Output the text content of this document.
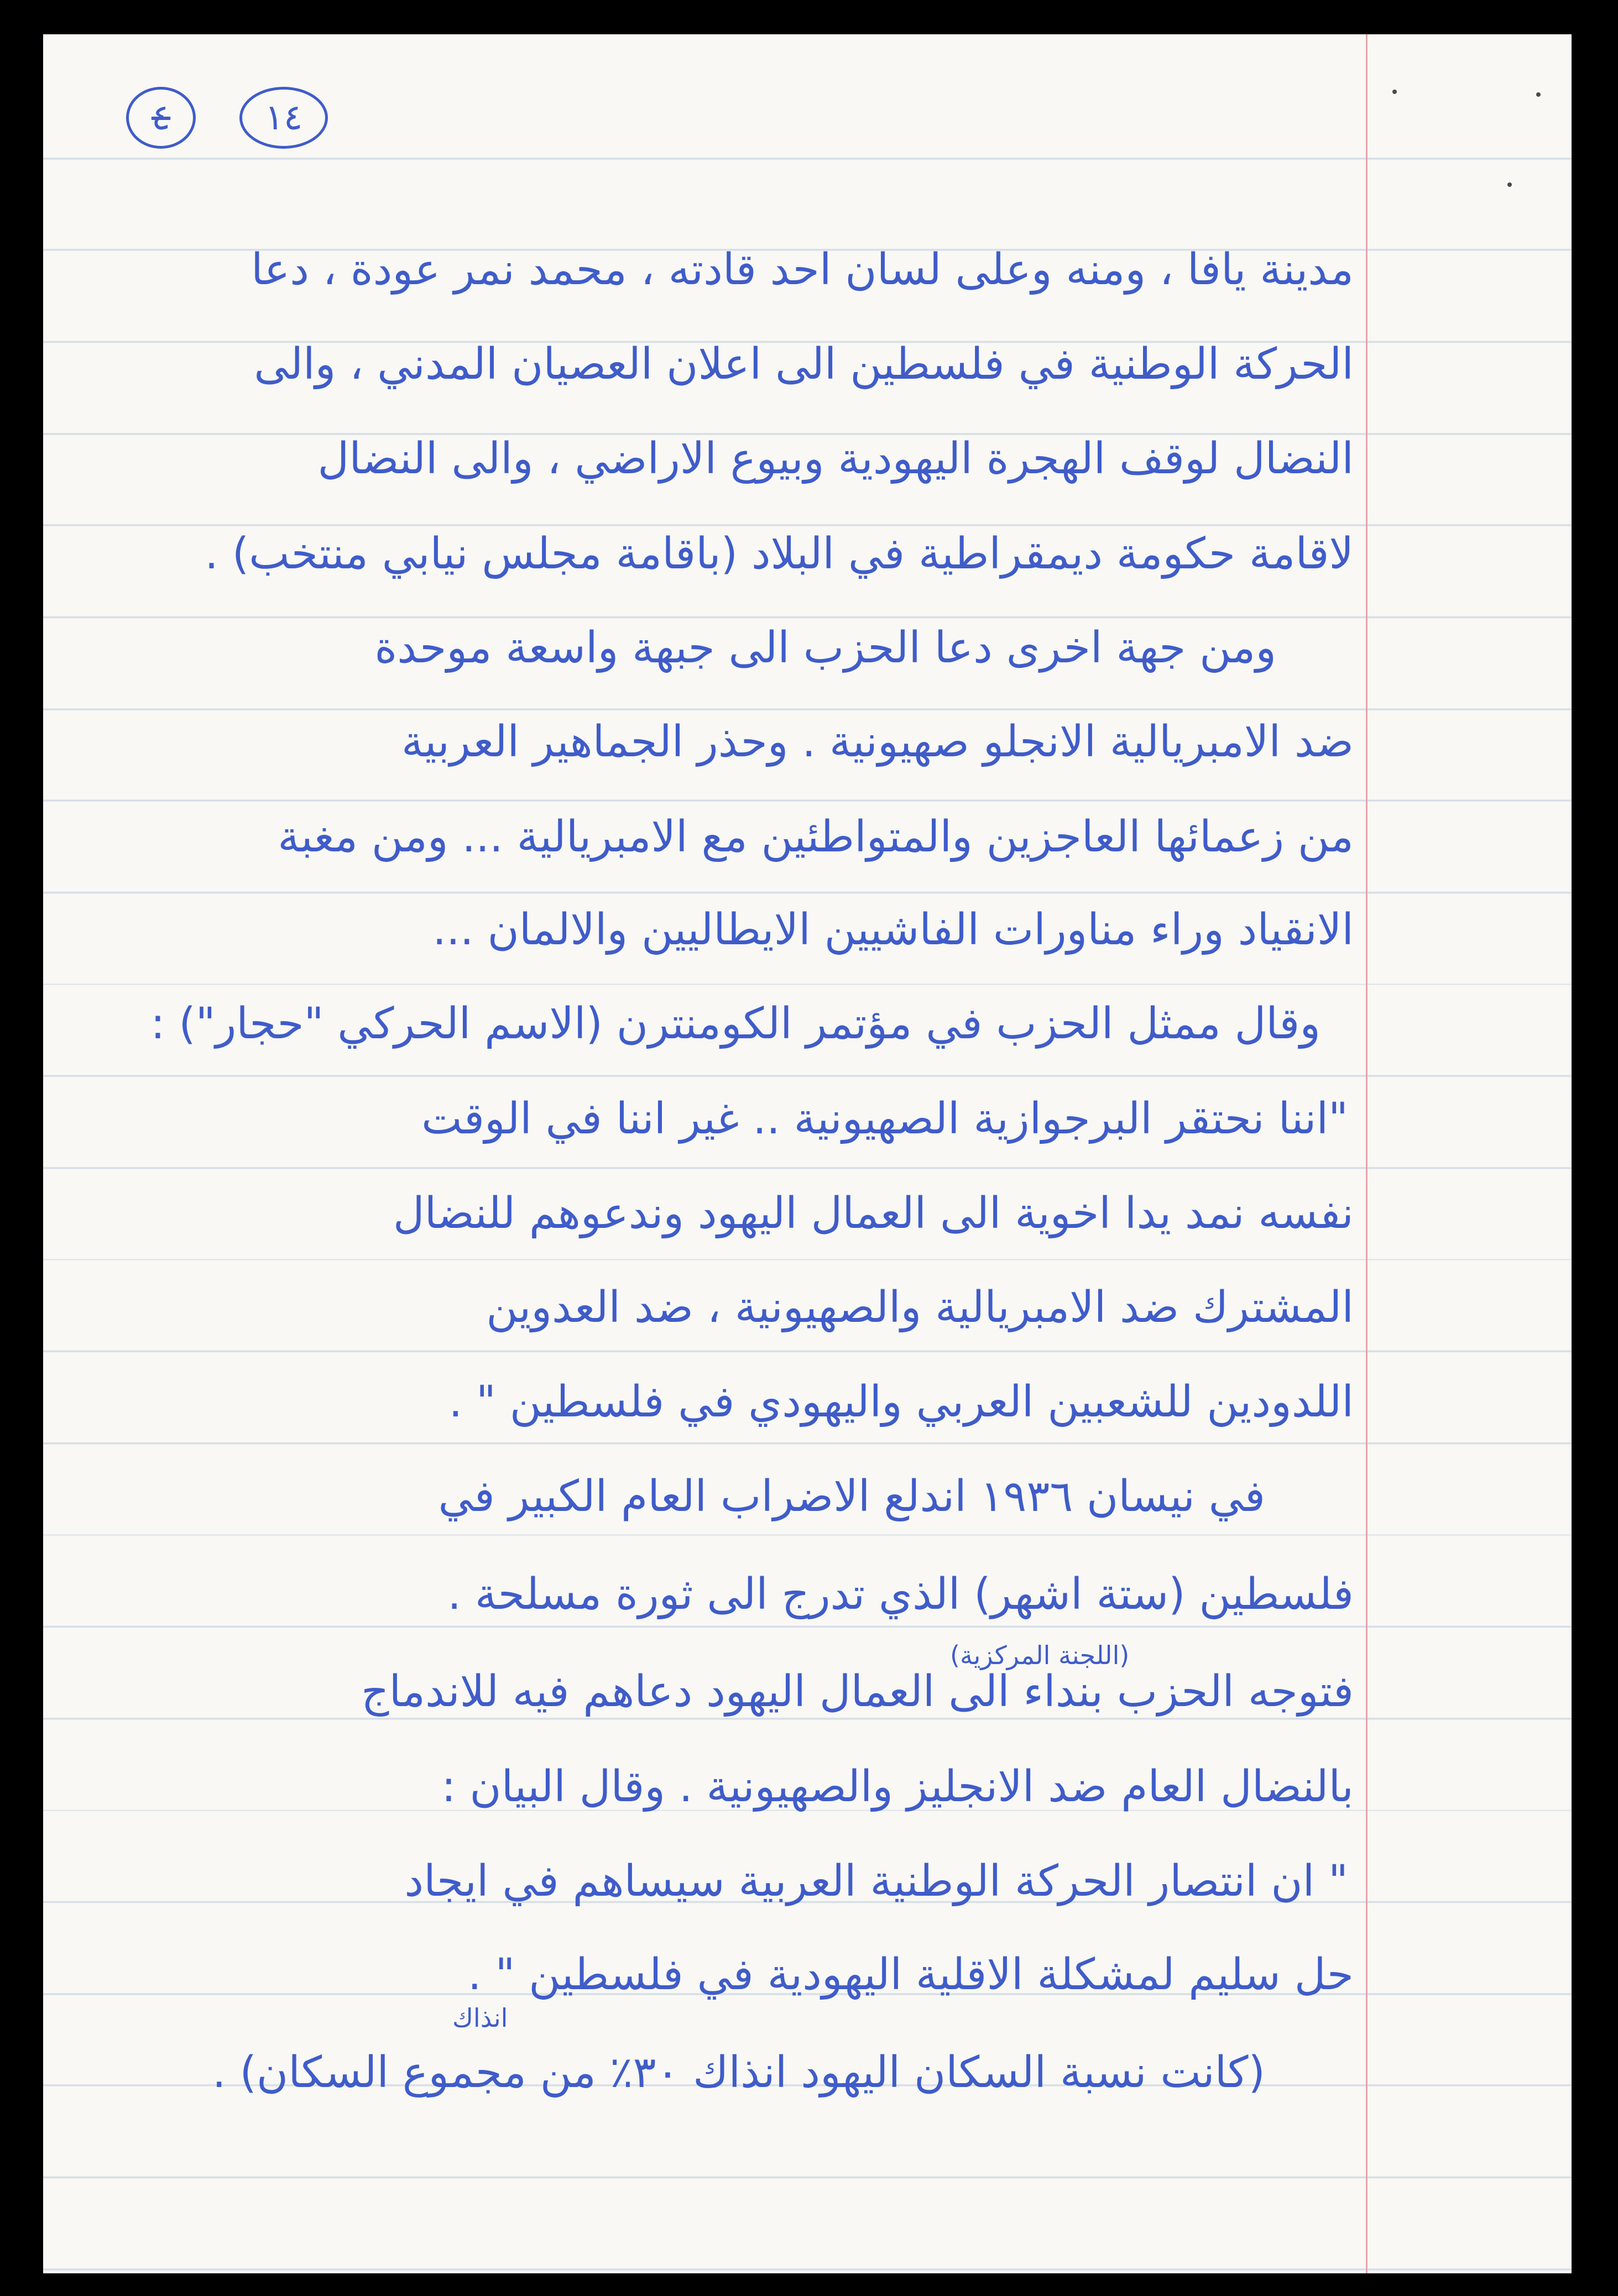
٤	١٤
مدينة يافا ، ومنه وعلى لسان احد قادته ، محمد نمر عودة ، دعا
الحركة الوطنية في فلسطين الى اعلان العصيان المدني ، والى
النضال لوقف الهجرة اليهودية وبيوع الاراضي ، والى النضال
لاقامة حكومة ديمقراطية في البلاد (باقامة مجلس نيابي منتخب) .
ومن جهة اخرى دعا الحزب الى جبهة واسعة موحدة
ضد الامبريالية الانجلو صهيونية . وحذر الجماهير العربية
من زعمائها العاجزين والمتواطئين مع الامبريالية ... ومن مغبة
الانقياد وراء مناورات الفاشيين الايطاليين والالمان ...
وقال ممثل الحزب في مؤتمر الكومنترن (الاسم الحركي "حجار") :
"اننا نحتقر البرجوازية الصهيونية .. غير اننا في الوقت
نفسه نمد يدا اخوية الى العمال اليهود وندعوهم للنضال
المشترك ضد الامبريالية والصهيونية ، ضد العدوين
اللدودين للشعبين العربي واليهودي في فلسطين " .
في نيسان ١٩٣٦ اندلع الاضراب العام الكبير في
فلسطين (ستة اشهر) الذي تدرج الى ثورة مسلحة .
فتوجه الحزب بنداء الى العمال اليهود دعاهم فيه للاندماج
بالنضال العام ضد الانجليز والصهيونية . وقال البيان :
" ان انتصار الحركة الوطنية العربية سيساهم في ايجاد
حل سليم لمشكلة الاقلية اليهودية في فلسطين " .
(كانت نسبة السكان اليهود انذاك ٣٠٪ من مجموع السكان) .
(اللجنة المركزية)
انذاك
